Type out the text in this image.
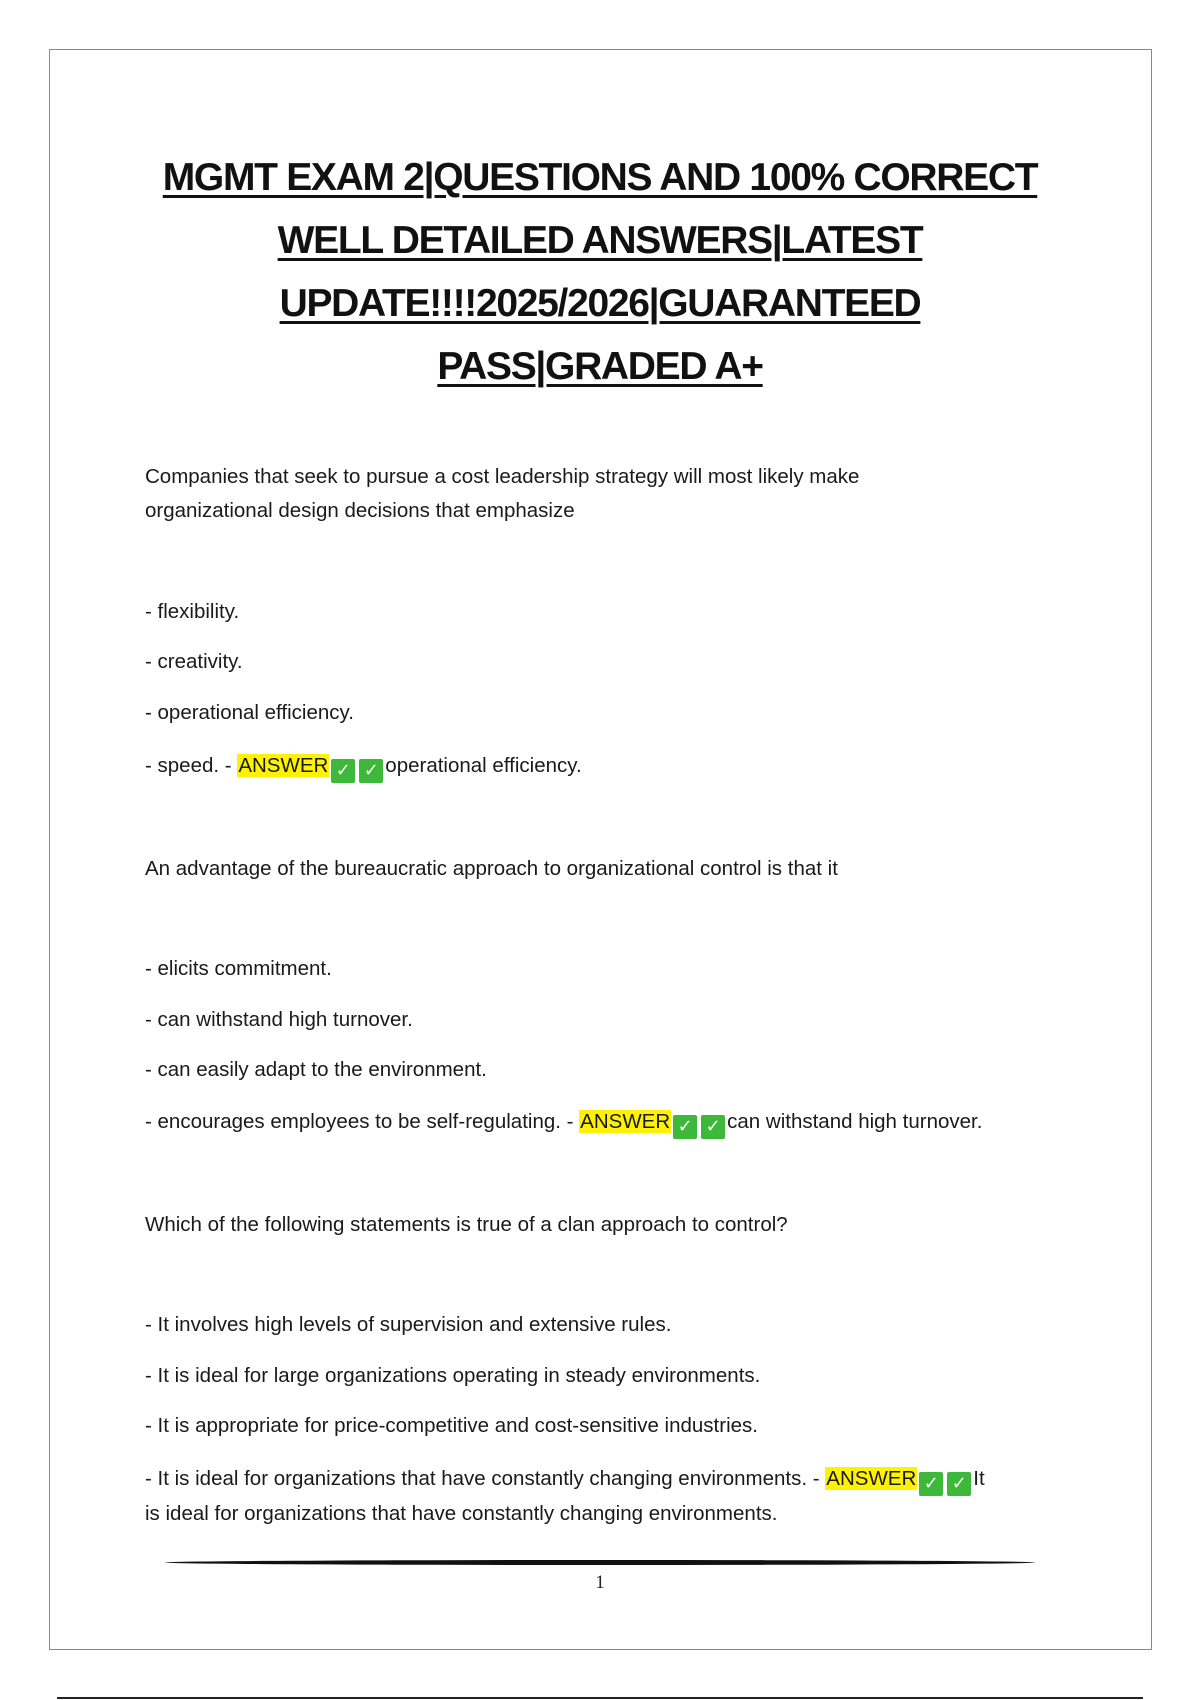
MGMT EXAM 2|QUESTIONS AND 100% CORRECT
WELL DETAILED ANSWERS|LATEST
UPDATE!!!!2025/2026|GUARANTEED
PASS|GRADED A+
Companies that seek to pursue a cost leadership strategy will most likely make
organizational design decisions that emphasize
- flexibility.
- creativity.
- operational efficiency.
- speed. - ANSWER ✓ ✓ operational efficiency.
An advantage of the bureaucratic approach to organizational control is that it
- elicits commitment.
- can withstand high turnover.
- can easily adapt to the environment.
- encourages employees to be self-regulating. - ANSWER ✓ ✓ can withstand high turnover.
Which of the following statements is true of a clan approach to control?
- It involves high levels of supervision and extensive rules.
- It is ideal for large organizations operating in steady environments.
- It is appropriate for price-competitive and cost-sensitive industries.
- It is ideal for organizations that have constantly changing environments. - ANSWER ✓ ✓ It
is ideal for organizations that have constantly changing environments.
1
